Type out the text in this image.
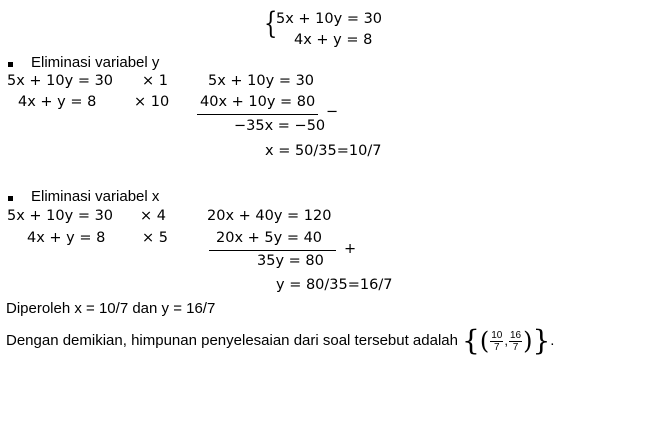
{
5x + 10y = 30
4x + y = 8
Eliminasi variabel y
5x + 10y = 30 × 1	5x + 10y = 30
4x + y = 8	× 10 40x + 10y = 80
−
−35x = −50
x = 50/35=10/7
Eliminasi variabel x
5x + 10y = 30 × 4	20x + 40y = 120
4x + y = 8	× 5	20x + 5y = 40
+
35y = 80
y = 80/35=16/7
Diperoleh x = 10/7 dan y = 16/7
Dengan demikian, himpunan penyelesaian dari soal tersebut adalah { ( $\frac{10}{7}$ , $\frac{16}{7}$ ) } .
